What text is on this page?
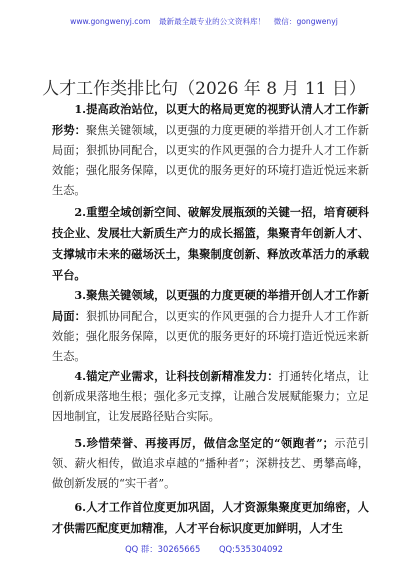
www.gongwenyj.com 最新最全最专业的公文资料库！ 微信：gongwenyj
人才工作类排比句（2026 年 8 月 11 日）

1.提高政治站位，以更大的格局更宽的视野认清人才工作新形势：聚焦关键领域，以更强的力度更硬的举措开创人才工作新局面；狠抓协同配合，以更实的作风更强的合力提升人才工作新效能；强化服务保障，以更优的服务更好的环境打造近悦远来新生态。

2.重塑全域创新空间、破解发展瓶颈的关键一招，培育硬科技企业、发展壮大新质生产力的成长摇篮，集聚青年创新人才、支撑城市未来的磁场沃土，集聚制度创新、释放改革活力的承载平台。

3.聚焦关键领域，以更强的力度更硬的举措开创人才工作新局面：狠抓协同配合，以更实的作风更强的合力提升人才工作新效能；强化服务保障，以更优的服务更好的环境打造近悦远来新生态。

4.锚定产业需求，让科技创新精准发力：打通转化堵点，让创新成果落地生根；强化多元支撑，让融合发展赋能聚力；立足因地制宜，让发展路径贴合实际。

5.珍惜荣誉、再接再厉，做信念坚定的“领跑者”；示范引领、薪火相传，做追求卓越的“播种者”；深耕技艺、勇攀高峰，做创新发展的“实干者”。

6.人才工作首位度更加巩固，人才资源集聚度更加绵密，人才供需匹配度更加精准，人才平台标识度更加鲜明，人才生

QQ 群：30265665 QQ:535304092
